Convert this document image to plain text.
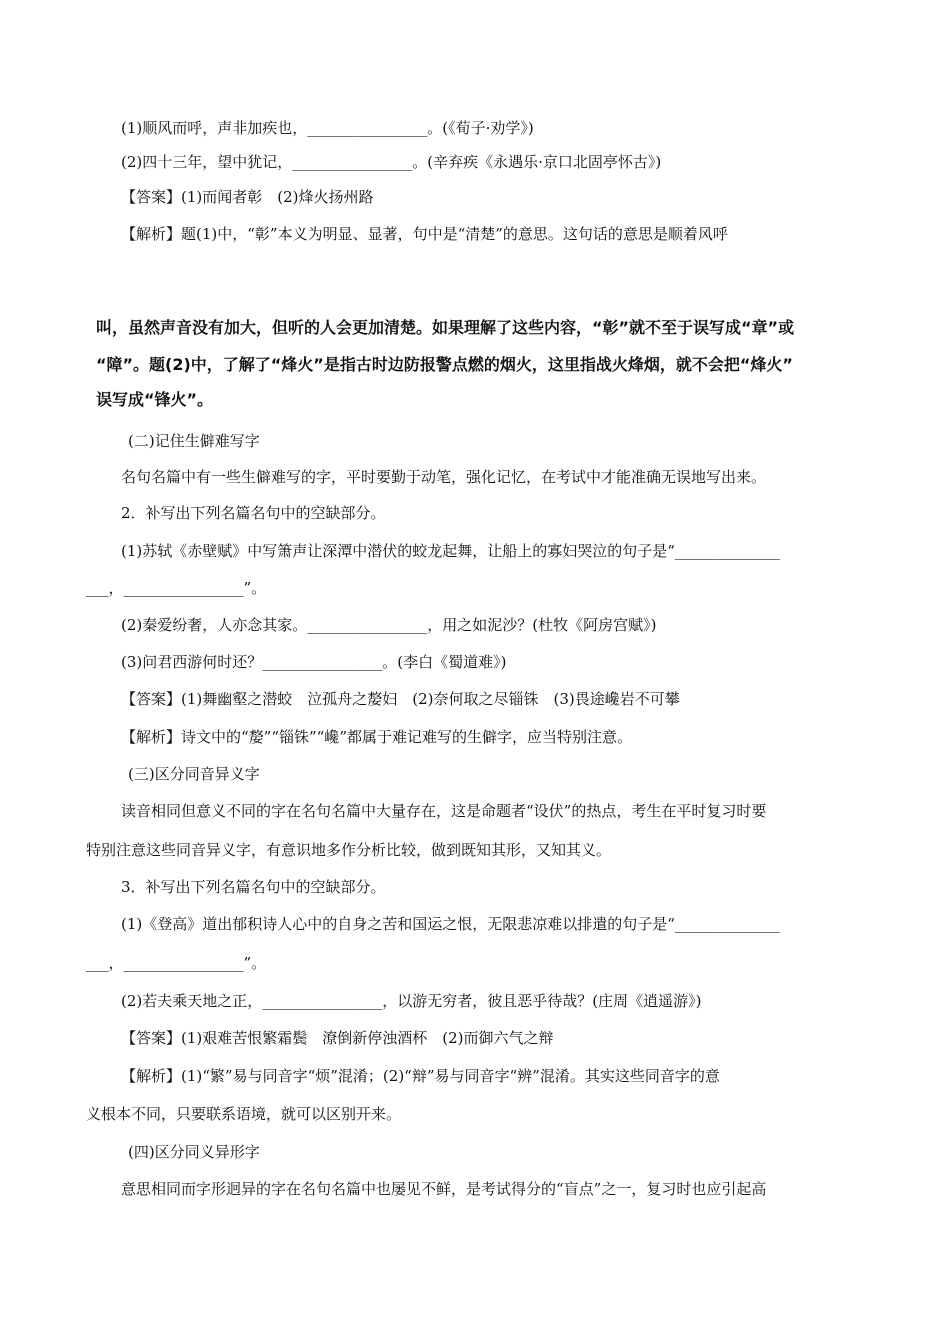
(1)顺风而呼，声非加疾也，________________。(《荀子·劝学》)
(2)四十三年，望中犹记，________________。(辛弃疾《永遇乐·京口北固亭怀古》)
【答案】(1)而闻者彰　(2)烽火扬州路
【解析】题(1)中，“彰”本义为明显、显著，句中是“清楚”的意思。这句话的意思是顺着风呼
叫，虽然声音没有加大，但听的人会更加清楚。如果理解了这些内容，“彰”就不至于误写成“章”或
“障”。题(2)中，了解了“烽火”是指古时边防报警点燃的烟火，这里指战火烽烟，就不会把“烽火”
误写成“锋火”。
(二)记住生僻难写字
名句名篇中有一些生僻难写的字，平时要勤于动笔，强化记忆，在考试中才能准确无误地写出来。
2．补写出下列名篇名句中的空缺部分。
(1)苏轼《赤壁赋》中写箫声让深潭中潜伏的蛟龙起舞，让船上的寡妇哭泣的句子是“______________
___，________________”。
(2)秦爱纷奢，人亦念其家。________________，用之如泥沙？(杜牧《阿房宫赋》)
(3)问君西游何时还？________________。(李白《蜀道难》)
【答案】(1)舞幽壑之潜蛟　泣孤舟之嫠妇　(2)奈何取之尽锱铢　(3)畏途巉岩不可攀
【解析】诗文中的“嫠”“锱铢”“巉”都属于难记难写的生僻字，应当特别注意。
(三)区分同音异义字
读音相同但意义不同的字在名句名篇中大量存在，这是命题者“设伏”的热点，考生在平时复习时要
特别注意这些同音异义字，有意识地多作分析比较，做到既知其形，又知其义。
3．补写出下列名篇名句中的空缺部分。
(1)《登高》道出郁积诗人心中的自身之苦和国运之恨，无限悲凉难以排遣的句子是“______________
___，________________”。
(2)若夫乘天地之正，________________，以游无穷者，彼且恶乎待哉？(庄周《逍遥游》)
【答案】(1)艰难苦恨繁霜鬓　潦倒新停浊酒杯　(2)而御六气之辩
【解析】(1)“繁”易与同音字“烦”混淆；(2)“辩”易与同音字“辨”混淆。其实这些同音字的意
义根本不同，只要联系语境，就可以区别开来。
(四)区分同义异形字
意思相同而字形迥异的字在名句名篇中也屡见不鲜，是考试得分的“盲点”之一，复习时也应引起高
